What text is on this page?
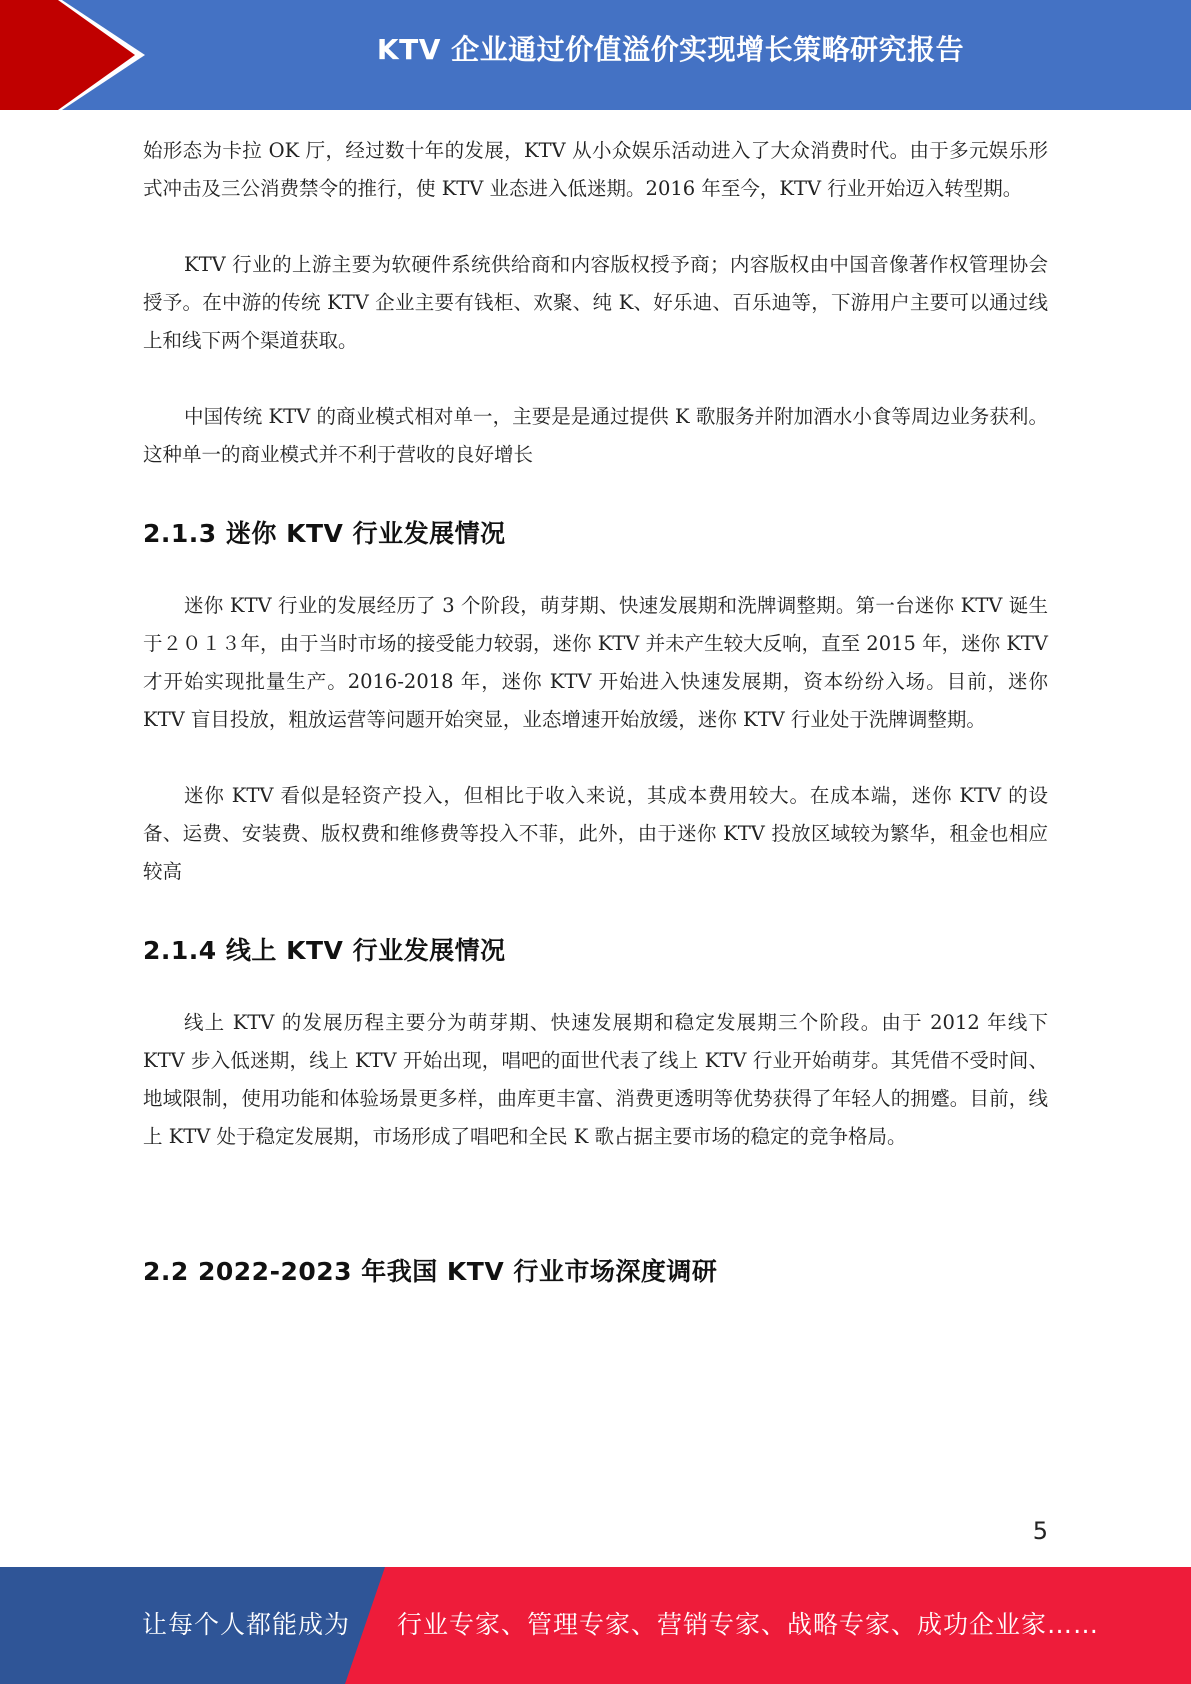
KTV 企业通过价值溢价实现增长策略研究报告

始形态为卡拉 OK 厅，经过数十年的发展，KTV 从小众娱乐活动进入了大众消费时代。由于多元娱乐形式冲击及三公消费禁令的推行，使 KTV 业态进入低迷期。2016 年至今，KTV 行业开始迈入转型期。

KTV 行业的上游主要为软硬件系统供给商和内容版权授予商；内容版权由中国音像著作权管理协会授予。在中游的传统 KTV 企业主要有钱柜、欢聚、纯 K、好乐迪、百乐迪等，下游用户主要可以通过线上和线下两个渠道获取。

中国传统 KTV 的商业模式相对单一，主要是是通过提供 K 歌服务并附加酒水小食等周边业务获利。这种单一的商业模式并不利于营收的良好增长

2.1.3 迷你 KTV 行业发展情况

迷你 KTV 行业的发展经历了 3 个阶段，萌芽期、快速发展期和洗牌调整期。第一台迷你 KTV 诞生于２０１３年，由于当时市场的接受能力较弱，迷你 KTV 并未产生较大反响，直至 2015 年，迷你 KTV 才开始实现批量生产。2016-2018 年，迷你 KTV 开始进入快速发展期，资本纷纷入场。目前，迷你 KTV 盲目投放，粗放运营等问题开始突显，业态增速开始放缓，迷你 KTV 行业处于洗牌调整期。

迷你 KTV 看似是轻资产投入，但相比于收入来说，其成本费用较大。在成本端，迷你 KTV 的设备、运费、安装费、版权费和维修费等投入不菲，此外，由于迷你 KTV 投放区域较为繁华，租金也相应较高

2.1.4 线上 KTV 行业发展情况

线上 KTV 的发展历程主要分为萌芽期、快速发展期和稳定发展期三个阶段。由于 2012 年线下 KTV 步入低迷期，线上 KTV 开始出现，唱吧的面世代表了线上 KTV 行业开始萌芽。其凭借不受时间、地域限制，使用功能和体验场景更多样，曲库更丰富、消费更透明等优势获得了年轻人的拥蹙。目前，线上 KTV 处于稳定发展期，市场形成了唱吧和全民 K 歌占据主要市场的稳定的竞争格局。

2.2 2022-2023 年我国 KTV 行业市场深度调研
5
让每个人都能成为 行业专家、管理专家、营销专家、战略专家、成功企业家……
